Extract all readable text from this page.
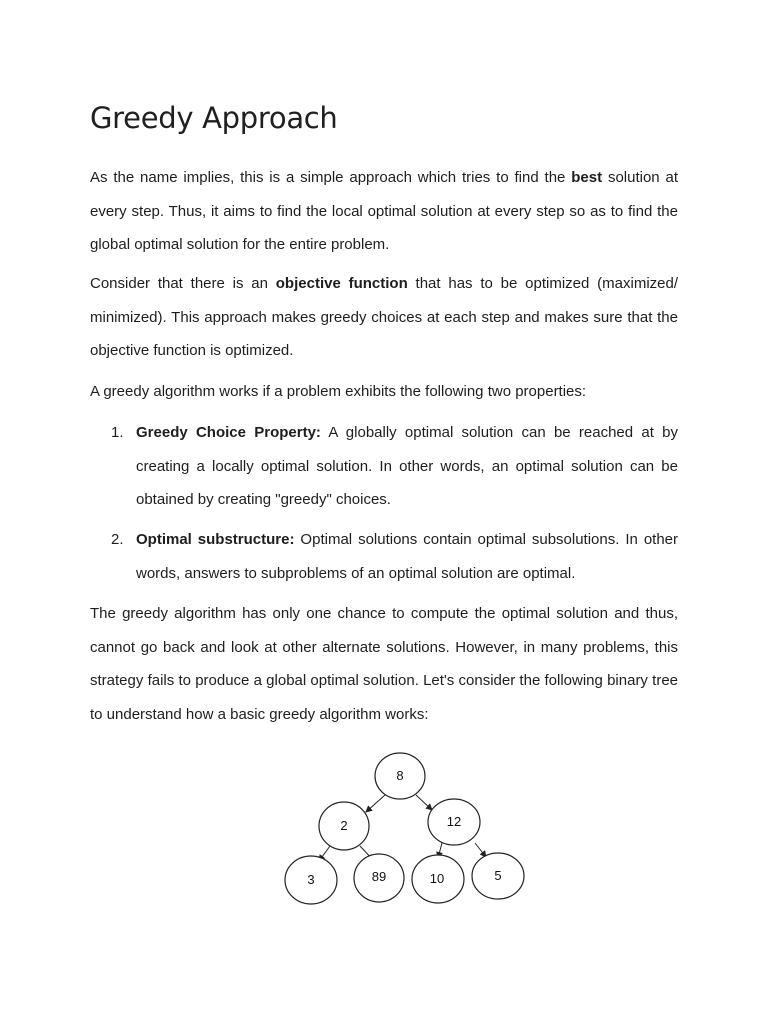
Greedy Approach

As the name implies, this is a simple approach which tries to find the best solution at every step. Thus, it aims to find the local optimal solution at every step so as to find the global optimal solution for the entire problem.

Consider that there is an objective function that has to be optimized (maximized/ minimized). This approach makes greedy choices at each step and makes sure that the objective function is optimized.

A greedy algorithm works if a problem exhibits the following two properties:

1. Greedy Choice Property: A globally optimal solution can be reached at by creating a locally optimal solution. In other words, an optimal solution can be obtained by creating "greedy" choices.
2. Optimal substructure: Optimal solutions contain optimal subsolutions. In other words, answers to subproblems of an optimal solution are optimal.

The greedy algorithm has only one chance to compute the optimal solution and thus, cannot go back and look at other alternate solutions. However, in many problems, this strategy fails to produce a global optimal solution. Let's consider the following binary tree to understand how a basic greedy algorithm works:

8
2	12
3	89	10	5
